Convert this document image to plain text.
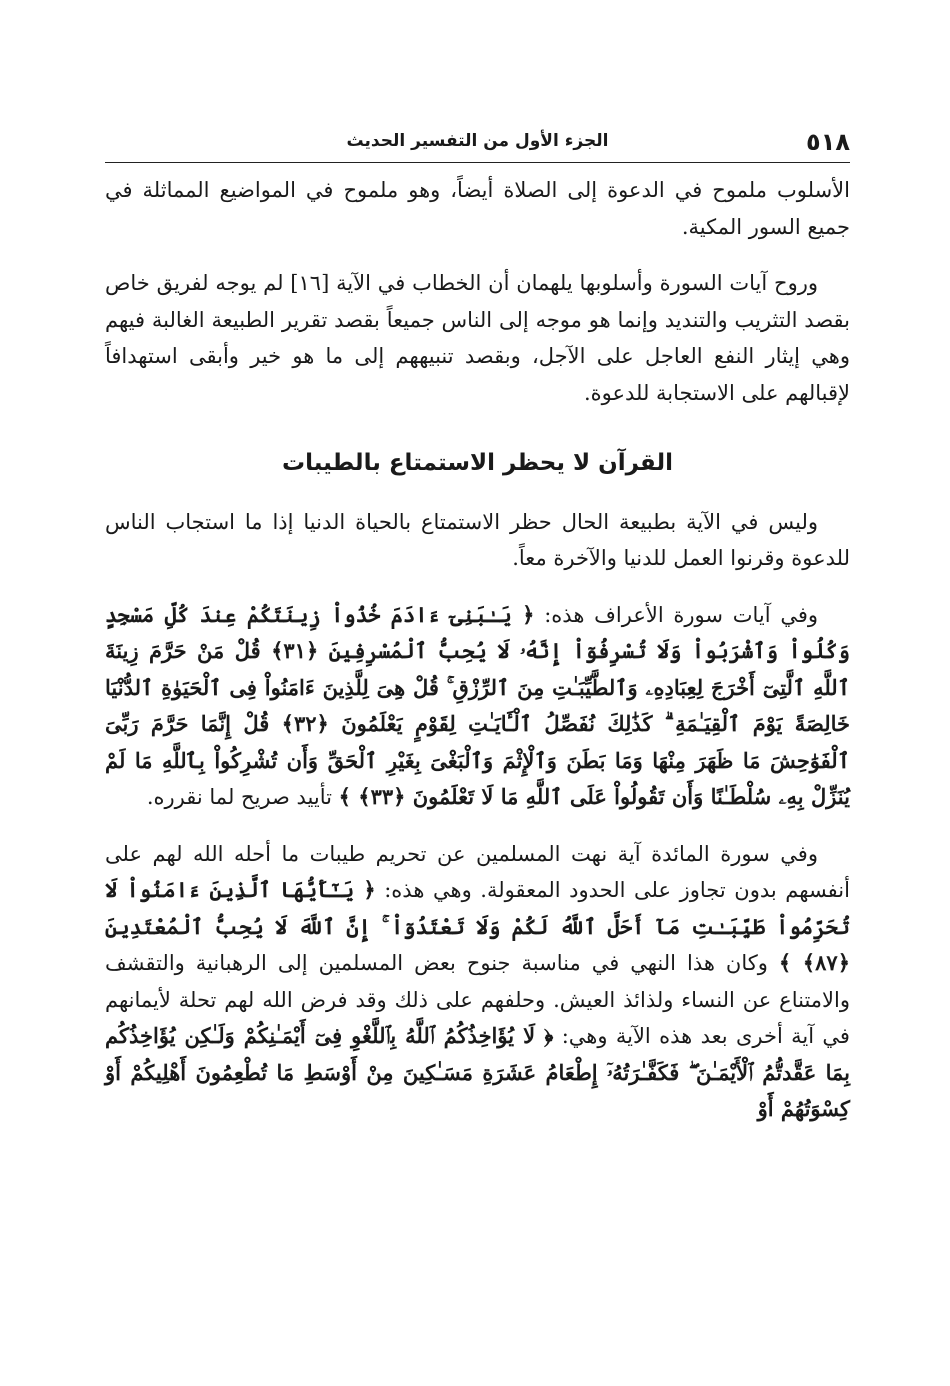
٥١٨
الجزء الأول من التفسير الحديث

الأسلوب ملموح في الدعوة إلى الصلاة أيضاً، وهو ملموح في المواضيع المماثلة في جميع السور المكية.

وروح آيات السورة وأسلوبها يلهمان أن الخطاب في الآية [١٦] لم يوجه لفريق خاص بقصد التثريب والتنديد وإنما هو موجه إلى الناس جميعاً بقصد تقرير الطبيعة الغالبة فيهم وهي إيثار النفع العاجل على الآجل، وبقصد تنبيههم إلى ما هو خير وأبقى استهدافاً لإقبالهم على الاستجابة للدعوة.

القرآن لا يحظر الاستمتاع بالطيبات

وليس في الآية بطبيعة الحال حظر الاستمتاع بالحياة الدنيا إذا ما استجاب الناس للدعوة وقرنوا العمل للدنيا والآخرة معاً.

وفي آيات سورة الأعراف هذه: ﴿ يَـٰبَنِىٓ ءَادَمَ خُذُواْ زِينَتَكُمْ عِندَ كُلِّ مَسْجِدٍ وَكُلُواْ وَٱشْرَبُواْ وَلَا تُسْرِفُوٓاْ إِنَّهُۥ لَا يُحِبُّ ٱلْمُسْرِفِينَ ﴿٣١﴾ قُلْ مَنْ حَرَّمَ زِينَةَ ٱللَّهِ ٱلَّتِىٓ أَخْرَجَ لِعِبَادِهِۦ وَٱلطَّيِّبَـٰتِ مِنَ ٱلرِّزْقِ ۚ قُلْ هِىَ لِلَّذِينَ ءَامَنُواْ فِى ٱلْحَيَوٰةِ ٱلدُّنْيَا خَالِصَةً يَوْمَ ٱلْقِيَـٰمَةِ ۗ كَذَٰلِكَ نُفَصِّلُ ٱلْـَٔايَـٰتِ لِقَوْمٍ يَعْلَمُونَ ﴿٣٢﴾ قُلْ إِنَّمَا حَرَّمَ رَبِّىَ ٱلْفَوَٰحِشَ مَا ظَهَرَ مِنْهَا وَمَا بَطَنَ وَٱلْإِثْمَ وَٱلْبَغْىَ بِغَيْرِ ٱلْحَقِّ وَأَن تُشْرِكُواْ بِٱللَّهِ مَا لَمْ يُنَزِّلْ بِهِۦ سُلْطَـٰنًا وَأَن تَقُولُواْ عَلَى ٱللَّهِ مَا لَا تَعْلَمُونَ ﴿٣٣﴾ ﴾ تأييد صريح لما نقرره.

وفي سورة المائدة آية نهت المسلمين عن تحريم طيبات ما أحله الله لهم على أنفسهم بدون تجاوز على الحدود المعقولة. وهي هذه: ﴿ يَـٰٓأَيُّهَا ٱلَّذِينَ ءَامَنُواْ لَا تُحَرِّمُواْ طَيِّبَـٰتِ مَآ أَحَلَّ ٱللَّهُ لَكُمْ وَلَا تَعْتَدُوٓاْ ۚ إِنَّ ٱللَّهَ لَا يُحِبُّ ٱلْمُعْتَدِينَ ﴿٨٧﴾ ﴾ وكان هذا النهي في مناسبة جنوح بعض المسلمين إلى الرهبانية والتقشف والامتناع عن النساء ولذائذ العيش. وحلفهم على ذلك وقد فرض الله لهم تحلة لأيمانهم في آية أخرى بعد هذه الآية وهي: ﴿ لَا يُؤَاخِذُكُمُ ٱللَّهُ بِٱللَّغْوِ فِىٓ أَيْمَـٰنِكُمْ وَلَـٰكِن يُؤَاخِذُكُم بِمَا عَقَّدتُّمُ ٱلْأَيْمَـٰنَ ۖ فَكَفَّـٰرَتُهُۥٓ إِطْعَامُ عَشَرَةِ مَسَـٰكِينَ مِنْ أَوْسَطِ مَا تُطْعِمُونَ أَهْلِيكُمْ أَوْ كِسْوَتُهُمْ أَوْ
